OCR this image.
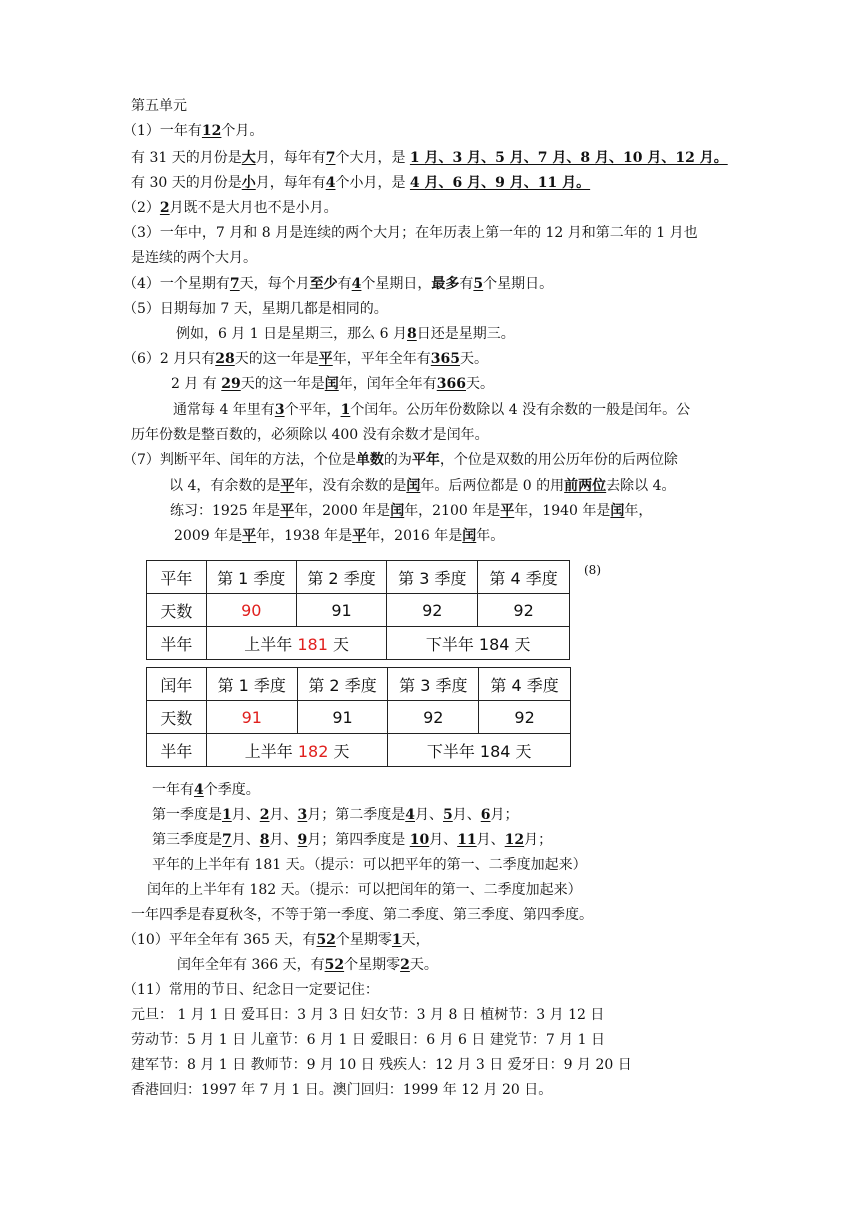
第五单元
（1）一年有12个月。
有 31 天的月份是大月，每年有7个大月，是 1 月、3 月、5 月、7 月、8 月、10 月、12 月。
有 30 天的月份是小月，每年有4个小月，是 4 月、6 月、9 月、11 月。
（2）2月既不是大月也不是小月。
（3）一年中，7 月和 8 月是连续的两个大月；在年历表上第一年的 12 月和第二年的 1 月也
是连续的两个大月。
（4）一个星期有7天，每个月至少有4个星期日，最多有5个星期日。
（5）日期每加 7 天，星期几都是相同的。
例如，6 月 1 日是星期三，那么 6 月8日还是星期三。
（6）2 月只有28天的这一年是平年，平年全年有365天。
2 月 有 29天的这一年是闰年，闰年全年有366天。
通常每 4 年里有3个平年，1个闰年。公历年份数除以 4 没有余数的一般是闰年。公
历年份数是整百数的，必须除以 400 没有余数才是闰年。
（7）判断平年、闰年的方法，个位是单数的为平年，个位是双数的用公历年份的后两位除
以 4，有余数的是平年，没有余数的是闰年。后两位都是 0 的用前两位去除以 4。
练习：1925 年是平年，2000 年是闰年，2100 年是平年，1940 年是闰年，
2009 年是平年，1938 年是平年，2016 年是闰年。
一年有4个季度。
第一季度是1月、2月、3月；第二季度是4月、5月、6月；
第三季度是7月、8月、9月；第四季度是 10月、11月、12月；
平年的上半年有 181 天。（提示：可以把平年的第一、二季度加起来）
闰年的上半年有 182 天。（提示：可以把闰年的第一、二季度加起来）
一年四季是春夏秋冬，不等于第一季度、第二季度、第三季度、第四季度。
（10）平年全年有 365 天，有52个星期零1天，
闰年全年有 366 天，有52个星期零2天。
（11）常用的节日、纪念日一定要记住：
元旦： 1 月 1 日 爱耳日：3 月 3 日 妇女节：3 月 8 日 植树节：3 月 12 日
劳动节：5 月 1 日 儿童节：6 月 1 日 爱眼日：6 月 6 日 建党节：7 月 1 日
建军节：8 月 1 日 教师节：9 月 10 日 残疾人：12 月 3 日 爱牙日：9 月 20 日
香港回归：1997 年 7 月 1 日。澳门回归：1999 年 12 月 20 日。
(8)
平年	第 1 季度	第 2 季度	第 3 季度	第 4 季度
天数	90	91	92	92
半年	上半年 181 天		下半年 184 天	
闰年	第 1 季度	第 2 季度	第 3 季度	第 4 季度
天数	91	91	92	92
半年	上半年 182 天		下半年 184 天	
